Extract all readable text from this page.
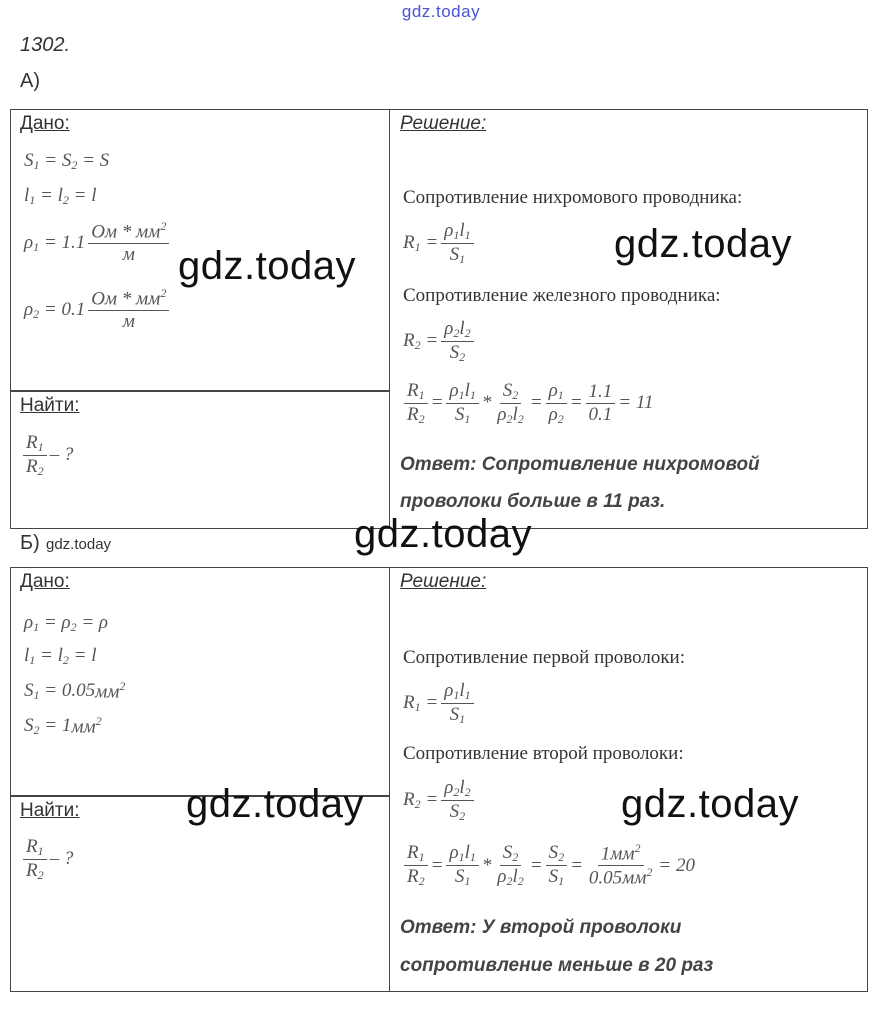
gdz.today
1302.
А)
Дано:
$S_1 = S_2 = S$
$l_1 = l_2 = l$
$\rho_1 = 1.1 \frac{Ом * мм^2}{м}$
$\rho_2 = 0.1 \frac{Ом * мм^2}{м}$
gdz.today
Найти:
$\frac{R_1}{R_2}$ – ?
Решение:
Сопротивление нихромового проводника:
$R_1 = \frac{\rho_1l_1}{S_1}$	gdz.today
Сопротивление железного проводника:
$R_2 = \frac{\rho_2l_2}{S_2}$
$\frac{R_1}{R_2} = \frac{\rho_1l_1}{S_1} * \frac{S_2}{\rho_2l_2} = \frac{\rho_1}{\rho_2} = \frac{1.1}{0.1} = 11$
Ответ: Сопротивление нихромовой
проволоки больше в 11 раз.
Б) gdz.today	gdz.today
Дано:
$\rho_1 = \rho_2 = \rho$
$l_1 = l_2 = l$
$S_1 = 0.05$ $мм^2$
$S_2 = 1$ $мм^2$
Найти:
$\frac{R_1}{R_2}$ – ?
gdz.today
Решение:
Сопротивление первой проволоки:
$R_1 = \frac{\rho_1l_1}{S_1}$
Сопротивление второй проволоки:
$R_2 = \frac{\rho_2l_2}{S_2}$	gdz.today
$\frac{R_1}{R_2} = \frac{\rho_1l_1}{S_1} * \frac{S_2}{\rho_2l_2} = \frac{S_2}{S_1} = \frac{1мм^2}{0.05мм^2} = 20$
Ответ: У второй проволоки
сопротивление меньше в 20 раз
